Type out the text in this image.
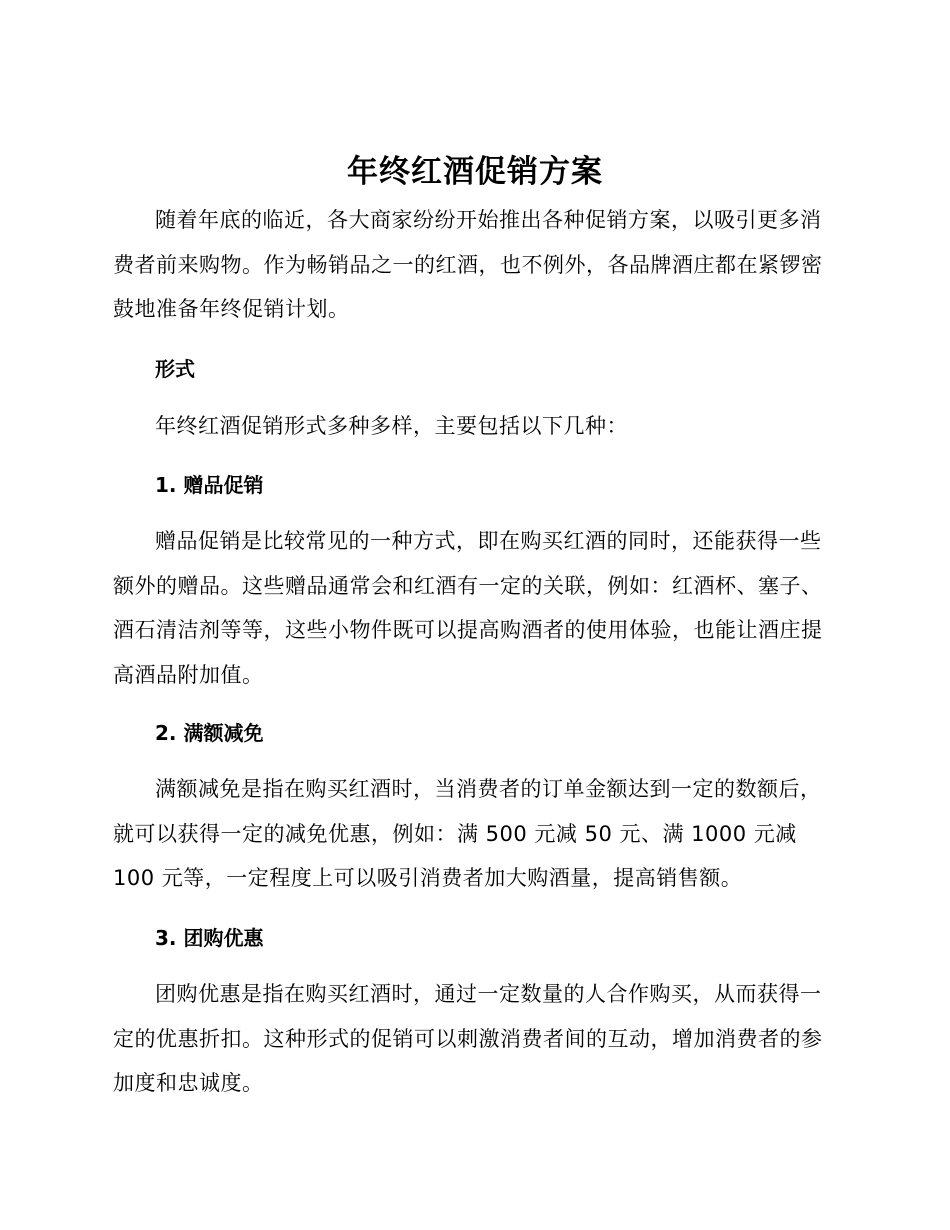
年终红酒促销方案

随着年底的临近，各大商家纷纷开始推出各种促销方案，以吸引更多消费者前来购物。作为畅销品之一的红酒，也不例外，各品牌酒庄都在紧锣密鼓地准备年终促销计划。

形式

年终红酒促销形式多种多样，主要包括以下几种：

1. 赠品促销

赠品促销是比较常见的一种方式，即在购买红酒的同时，还能获得一些额外的赠品。这些赠品通常会和红酒有一定的关联，例如：红酒杯、塞子、酒石清洁剂等等，这些小物件既可以提高购酒者的使用体验，也能让酒庄提高酒品附加值。

2. 满额减免

满额减免是指在购买红酒时，当消费者的订单金额达到一定的数额后，就可以获得一定的减免优惠，例如：满 500 元减 50 元、满 1000 元减 100 元等，一定程度上可以吸引消费者加大购酒量，提高销售额。

3. 团购优惠

团购优惠是指在购买红酒时，通过一定数量的人合作购买，从而获得一定的优惠折扣。这种形式的促销可以刺激消费者间的互动，增加消费者的参加度和忠诚度。
